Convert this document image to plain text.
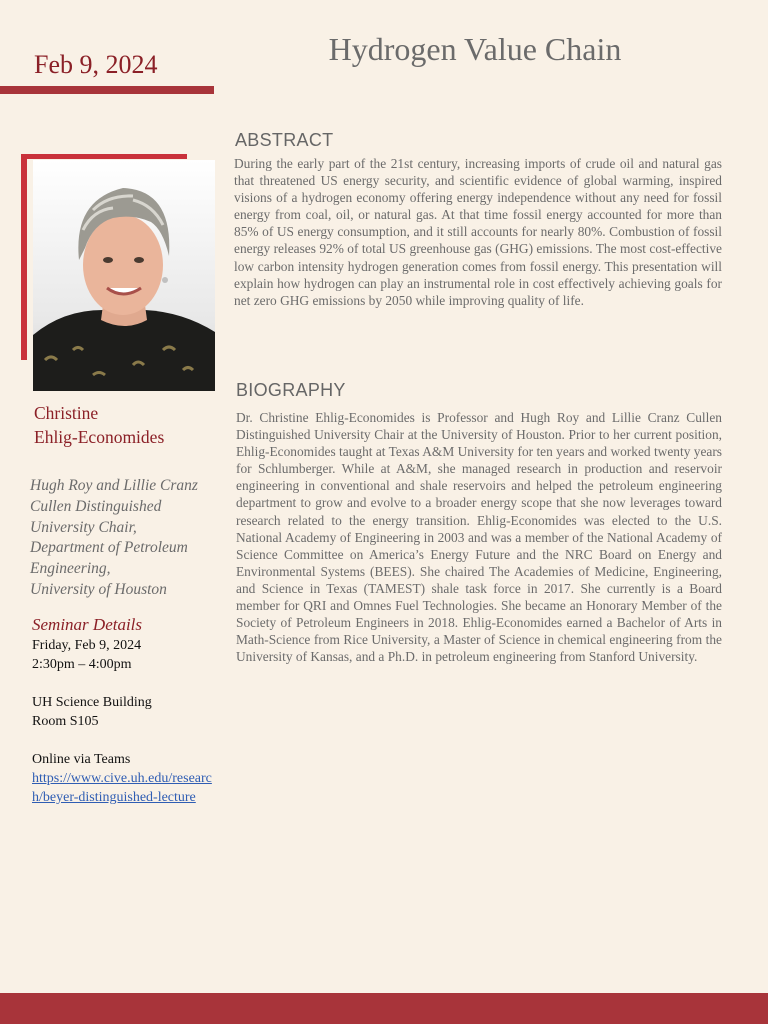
Feb 9, 2024	Hydrogen Value Chain
Christine
Ehlig-Economides
Hugh Roy and Lillie Cranz
Cullen Distinguished
University Chair,
Department of Petroleum
Engineering,
University of Houston
Seminar Details
Friday, Feb 9, 2024
2:30pm – 4:00pm
UH Science Building
Room S105
Online via Teams
https://www.cive.uh.edu/research/beyer-distinguished-lecture
ABSTRACT
During the early part of the 21st century, increasing imports of crude oil and natural gas that threatened US energy security, and scientific evidence of global warming, inspired visions of a hydrogen economy offering energy independence without any need for fossil energy from coal, oil, or natural gas. At that time fossil energy accounted for more than 85% of US energy consumption, and it still accounts for nearly 80%. Combustion of fossil energy releases 92% of total US greenhouse gas (GHG) emissions. The most cost-effective low carbon intensity hydrogen generation comes from fossil energy. This presentation will explain how hydrogen can play an instrumental role in cost effectively achieving goals for net zero GHG emissions by 2050 while improving quality of life.
BIOGRAPHY
Dr. Christine Ehlig-Economides is Professor and Hugh Roy and Lillie Cranz Cullen Distinguished University Chair at the University of Houston. Prior to her current position, Ehlig-Economides taught at Texas A&M University for ten years and worked twenty years for Schlumberger. While at A&M, she managed research in production and reservoir engineering in conventional and shale reservoirs and helped the petroleum engineering department to grow and evolve to a broader energy scope that she now leverages toward research related to the energy transition. Ehlig-Economides was elected to the U.S. National Academy of Engineering in 2003 and was a member of the National Academy of Science Committee on America’s Energy Future and the NRC Board on Energy and Environmental Systems (BEES). She chaired The Academies of Medicine, Engineering, and Science in Texas (TAMEST) shale task force in 2017. She currently is a Board member for QRI and Omnes Fuel Technologies. She became an Honorary Member of the Society of Petroleum Engineers in 2018. Ehlig-Economides earned a Bachelor of Arts in Math-Science from Rice University, a Master of Science in chemical engineering from the University of Kansas, and a Ph.D. in petroleum engineering from Stanford University.
